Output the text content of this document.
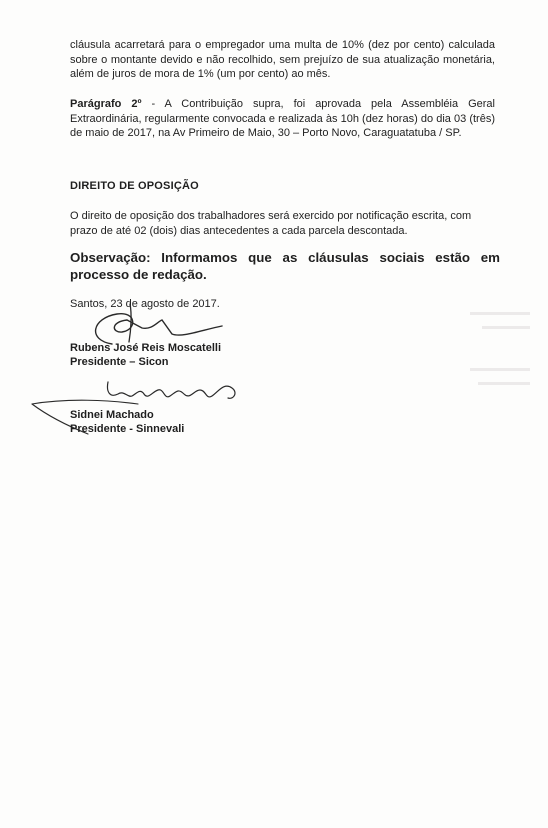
cláusula acarretará para o empregador uma multa de 10% (dez por cento) calculada sobre o montante devido e não recolhido, sem prejuízo de sua atualização monetária, além de juros de mora de 1% (um por cento) ao mês.

Parágrafo 2º - A Contribuição supra, foi aprovada pela Assembléia Geral Extraordinária, regularmente convocada e realizada às 10h (dez horas) do dia 03 (três) de maio de 2017, na Av Primeiro de Maio, 30 – Porto Novo, Caraguatatuba / SP.

DIREITO DE OPOSIÇÃO

O direito de oposição dos trabalhadores será exercido por notificação escrita, com prazo de até 02 (dois) dias antecedentes a cada parcela descontada.

Observação: Informamos que as cláusulas sociais estão em processo de redação.

Santos, 23 de agosto de 2017.

Rubens José Reis Moscatelli
Presidente – Sicon
Sidnei Machado
Presidente - Sinnevali
